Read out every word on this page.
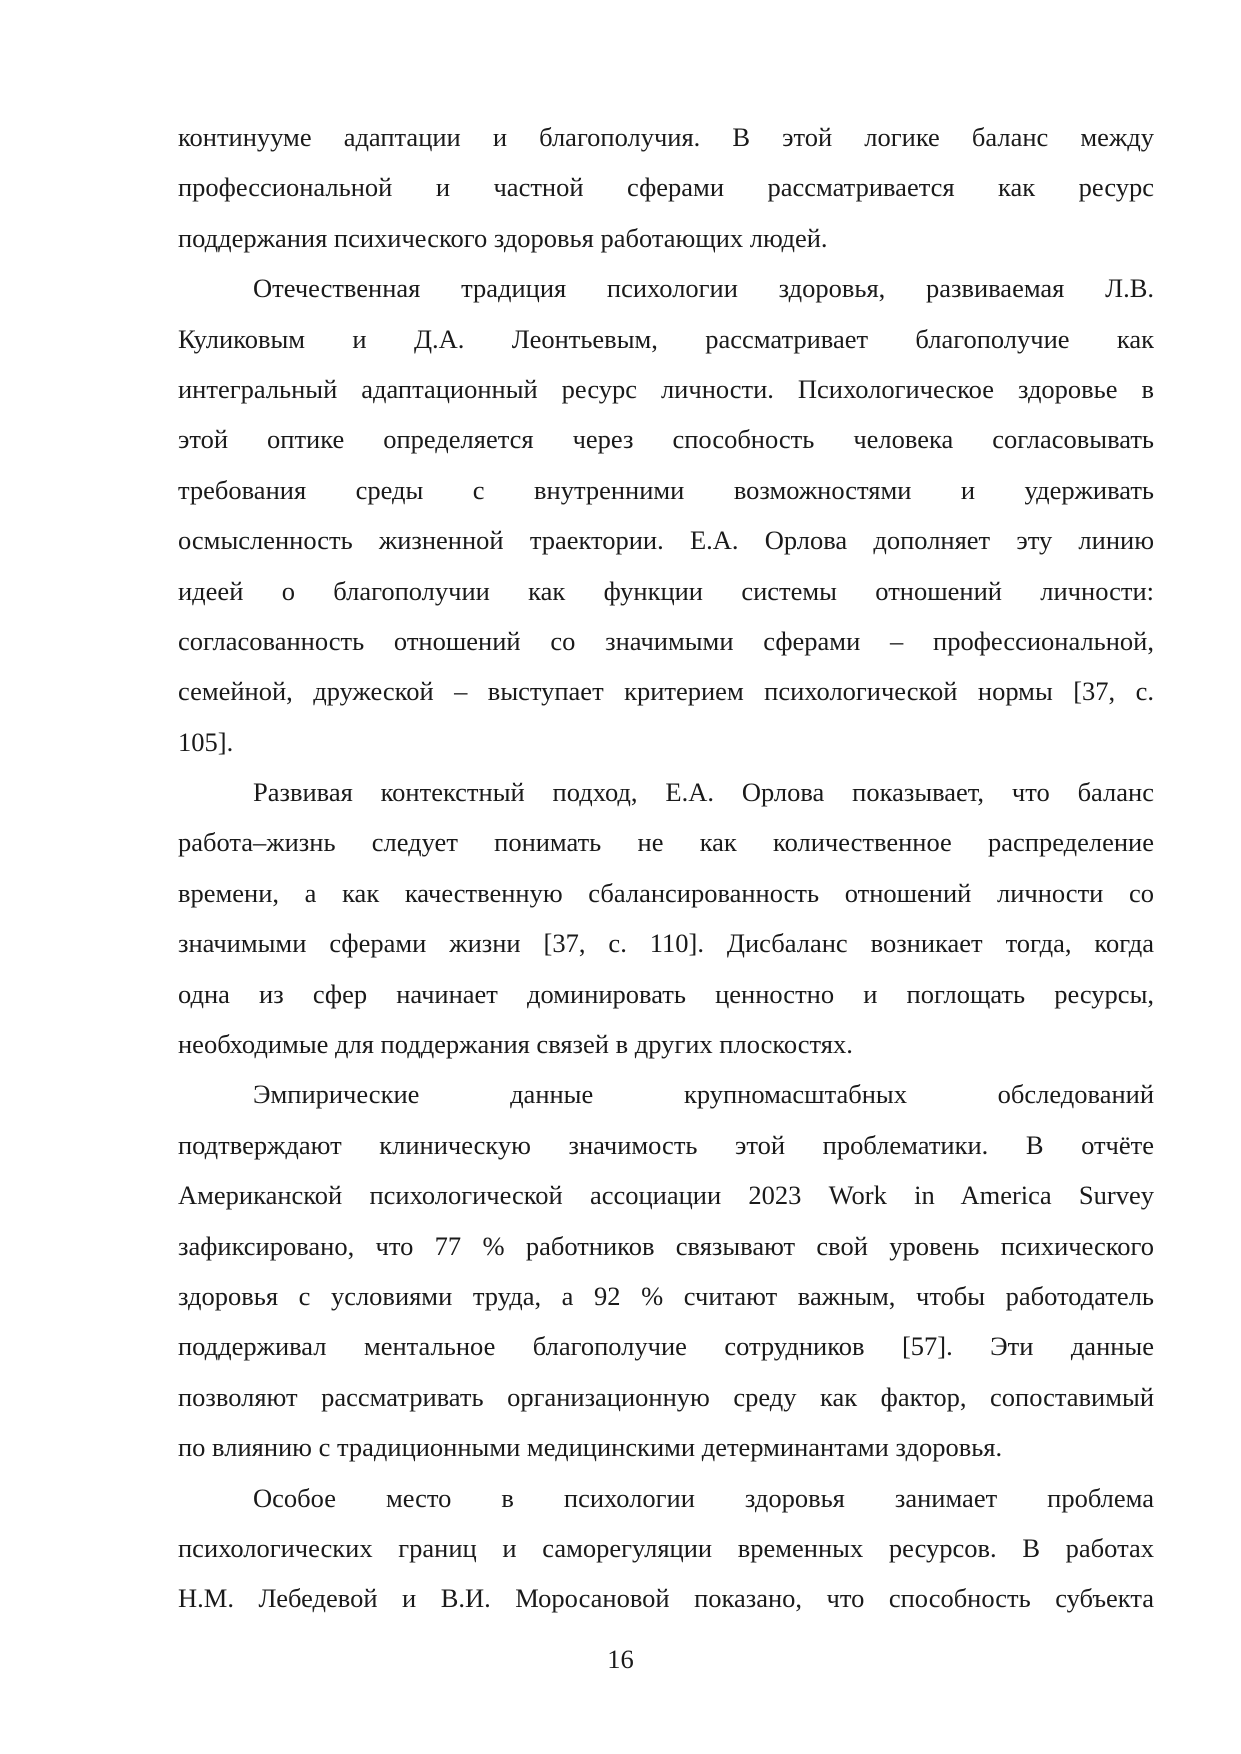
континууме адаптации и благополучия. В этой логике баланс между
профессиональной и частной сферами рассматривается как ресурс
поддержания психического здоровья работающих людей.
Отечественная традиция психологии здоровья, развиваемая Л.В.
Куликовым и Д.А. Леонтьевым, рассматривает благополучие как
интегральный адаптационный ресурс личности. Психологическое здоровье в
этой оптике определяется через способность человека согласовывать
требования среды с внутренними возможностями и удерживать
осмысленность жизненной траектории. Е.А. Орлова дополняет эту линию
идеей о благополучии как функции системы отношений личности:
согласованность отношений со значимыми сферами – профессиональной,
семейной, дружеской – выступает критерием психологической нормы [37, с.
105].
Развивая контекстный подход, Е.А. Орлова показывает, что баланс
работа–жизнь следует понимать не как количественное распределение
времени, а как качественную сбалансированность отношений личности со
значимыми сферами жизни [37, с. 110]. Дисбаланс возникает тогда, когда
одна из сфер начинает доминировать ценностно и поглощать ресурсы,
необходимые для поддержания связей в других плоскостях.
Эмпирические данные крупномасштабных обследований
подтверждают клиническую значимость этой проблематики. В отчёте
Американской психологической ассоциации 2023 Work in America Survey
зафиксировано, что 77 % работников связывают свой уровень психического
здоровья с условиями труда, а 92 % считают важным, чтобы работодатель
поддерживал ментальное благополучие сотрудников [57]. Эти данные
позволяют рассматривать организационную среду как фактор, сопоставимый
по влиянию с традиционными медицинскими детерминантами здоровья.
Особое место в психологии здоровья занимает проблема
психологических границ и саморегуляции временных ресурсов. В работах
Н.М. Лебедевой и В.И. Моросановой показано, что способность субъекта
16
